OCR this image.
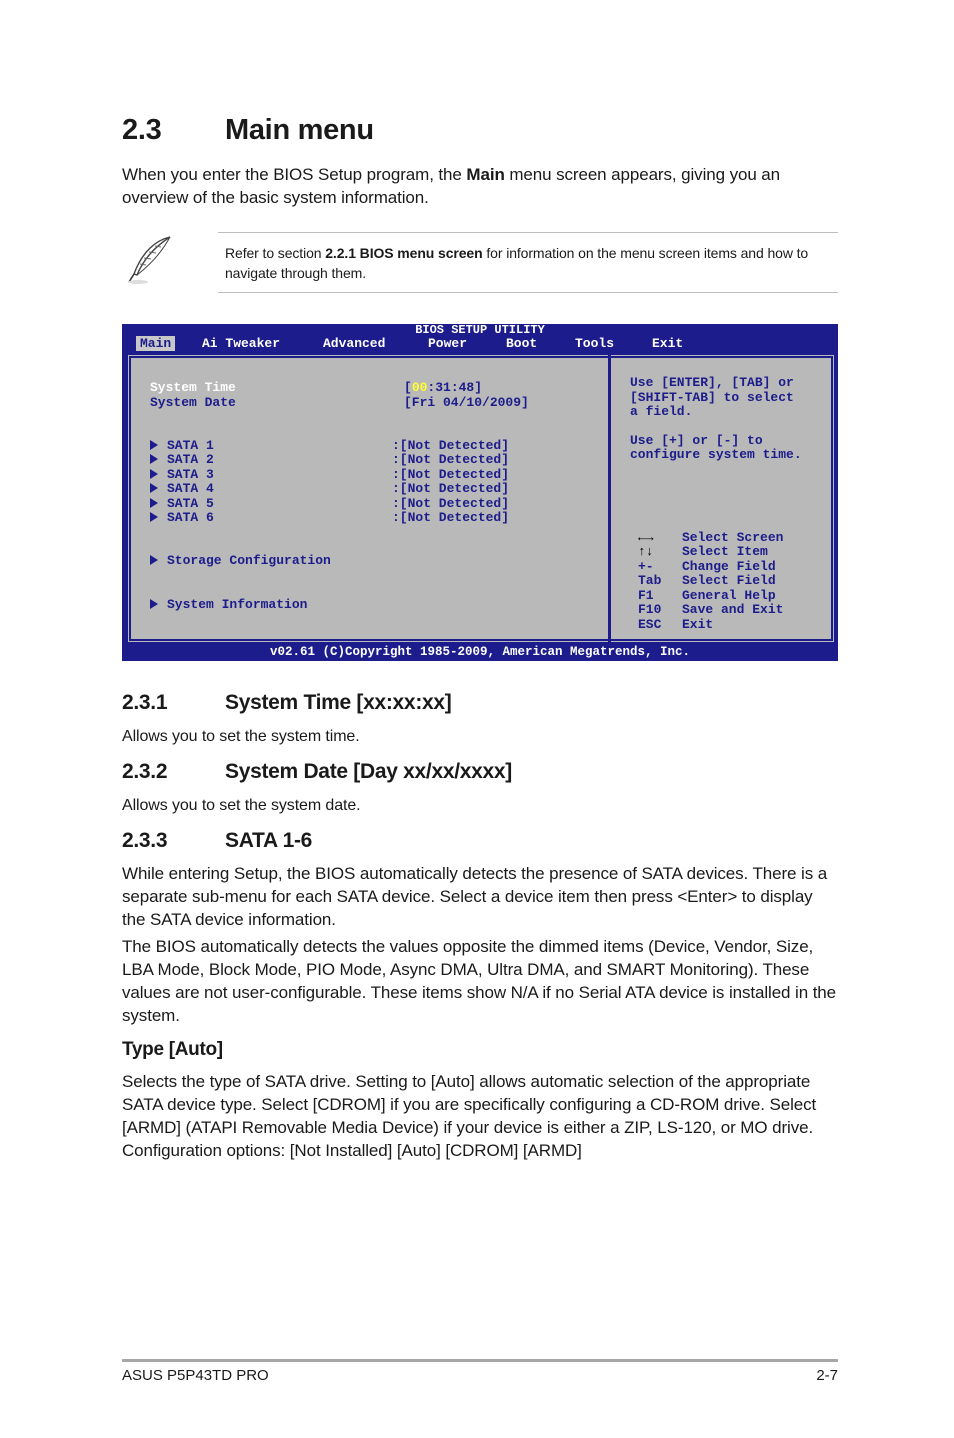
2.3 Main menu
When you enter the BIOS Setup program, the Main menu screen appears, giving you an overview of the basic system information.
Refer to section 2.2.1 BIOS menu screen for information on the menu screen items and how to navigate through them.
BIOS SETUP UTILITY
Main	Ai Tweaker	Advanced	Power	Boot	Tools	Exit
System Time	[00:31:48]
System Date	[Fri 04/10/2009]
SATA 1	:[Not Detected]
SATA 2	:[Not Detected]
SATA 3	:[Not Detected]
SATA 4	:[Not Detected]
SATA 5	:[Not Detected]
SATA 6	:[Not Detected]
Storage Configuration
System Information
Use [ENTER], [TAB] or
[SHIFT-TAB] to select
a field.
Use [+] or [-] to
configure system time.
←→ Select Screen
↑↓ Select Item
+- Change Field
Tab Select Field
F1 General Help
F10 Save and Exit
ESC Exit
v02.61 (C)Copyright 1985-2009, American Megatrends, Inc.
2.3.1	System Time [xx:xx:xx]
Allows you to set the system time.
2.3.2	System Date [Day xx/xx/xxxx]
Allows you to set the system date.
2.3.3	SATA 1-6

While entering Setup, the BIOS automatically detects the presence of SATA devices. There is a separate sub-menu for each SATA device. Select a device item then press <Enter> to display the SATA device information.

The BIOS automatically detects the values opposite the dimmed items (Device, Vendor, Size, LBA Mode, Block Mode, PIO Mode, Async DMA, Ultra DMA, and SMART Monitoring). These values are not user-configurable. These items show N/A if no Serial ATA device is installed in the system.

Type [Auto]
Selects the type of SATA drive. Setting to [Auto] allows automatic selection of the appropriate SATA device type. Select [CDROM] if you are specifically configuring a CD-ROM drive. Select [ARMD] (ATAPI Removable Media Device) if your device is either a ZIP, LS-120, or MO drive. Configuration options: [Not Installed] [Auto] [CDROM] [ARMD]
ASUS P5P43TD PRO	2-7
